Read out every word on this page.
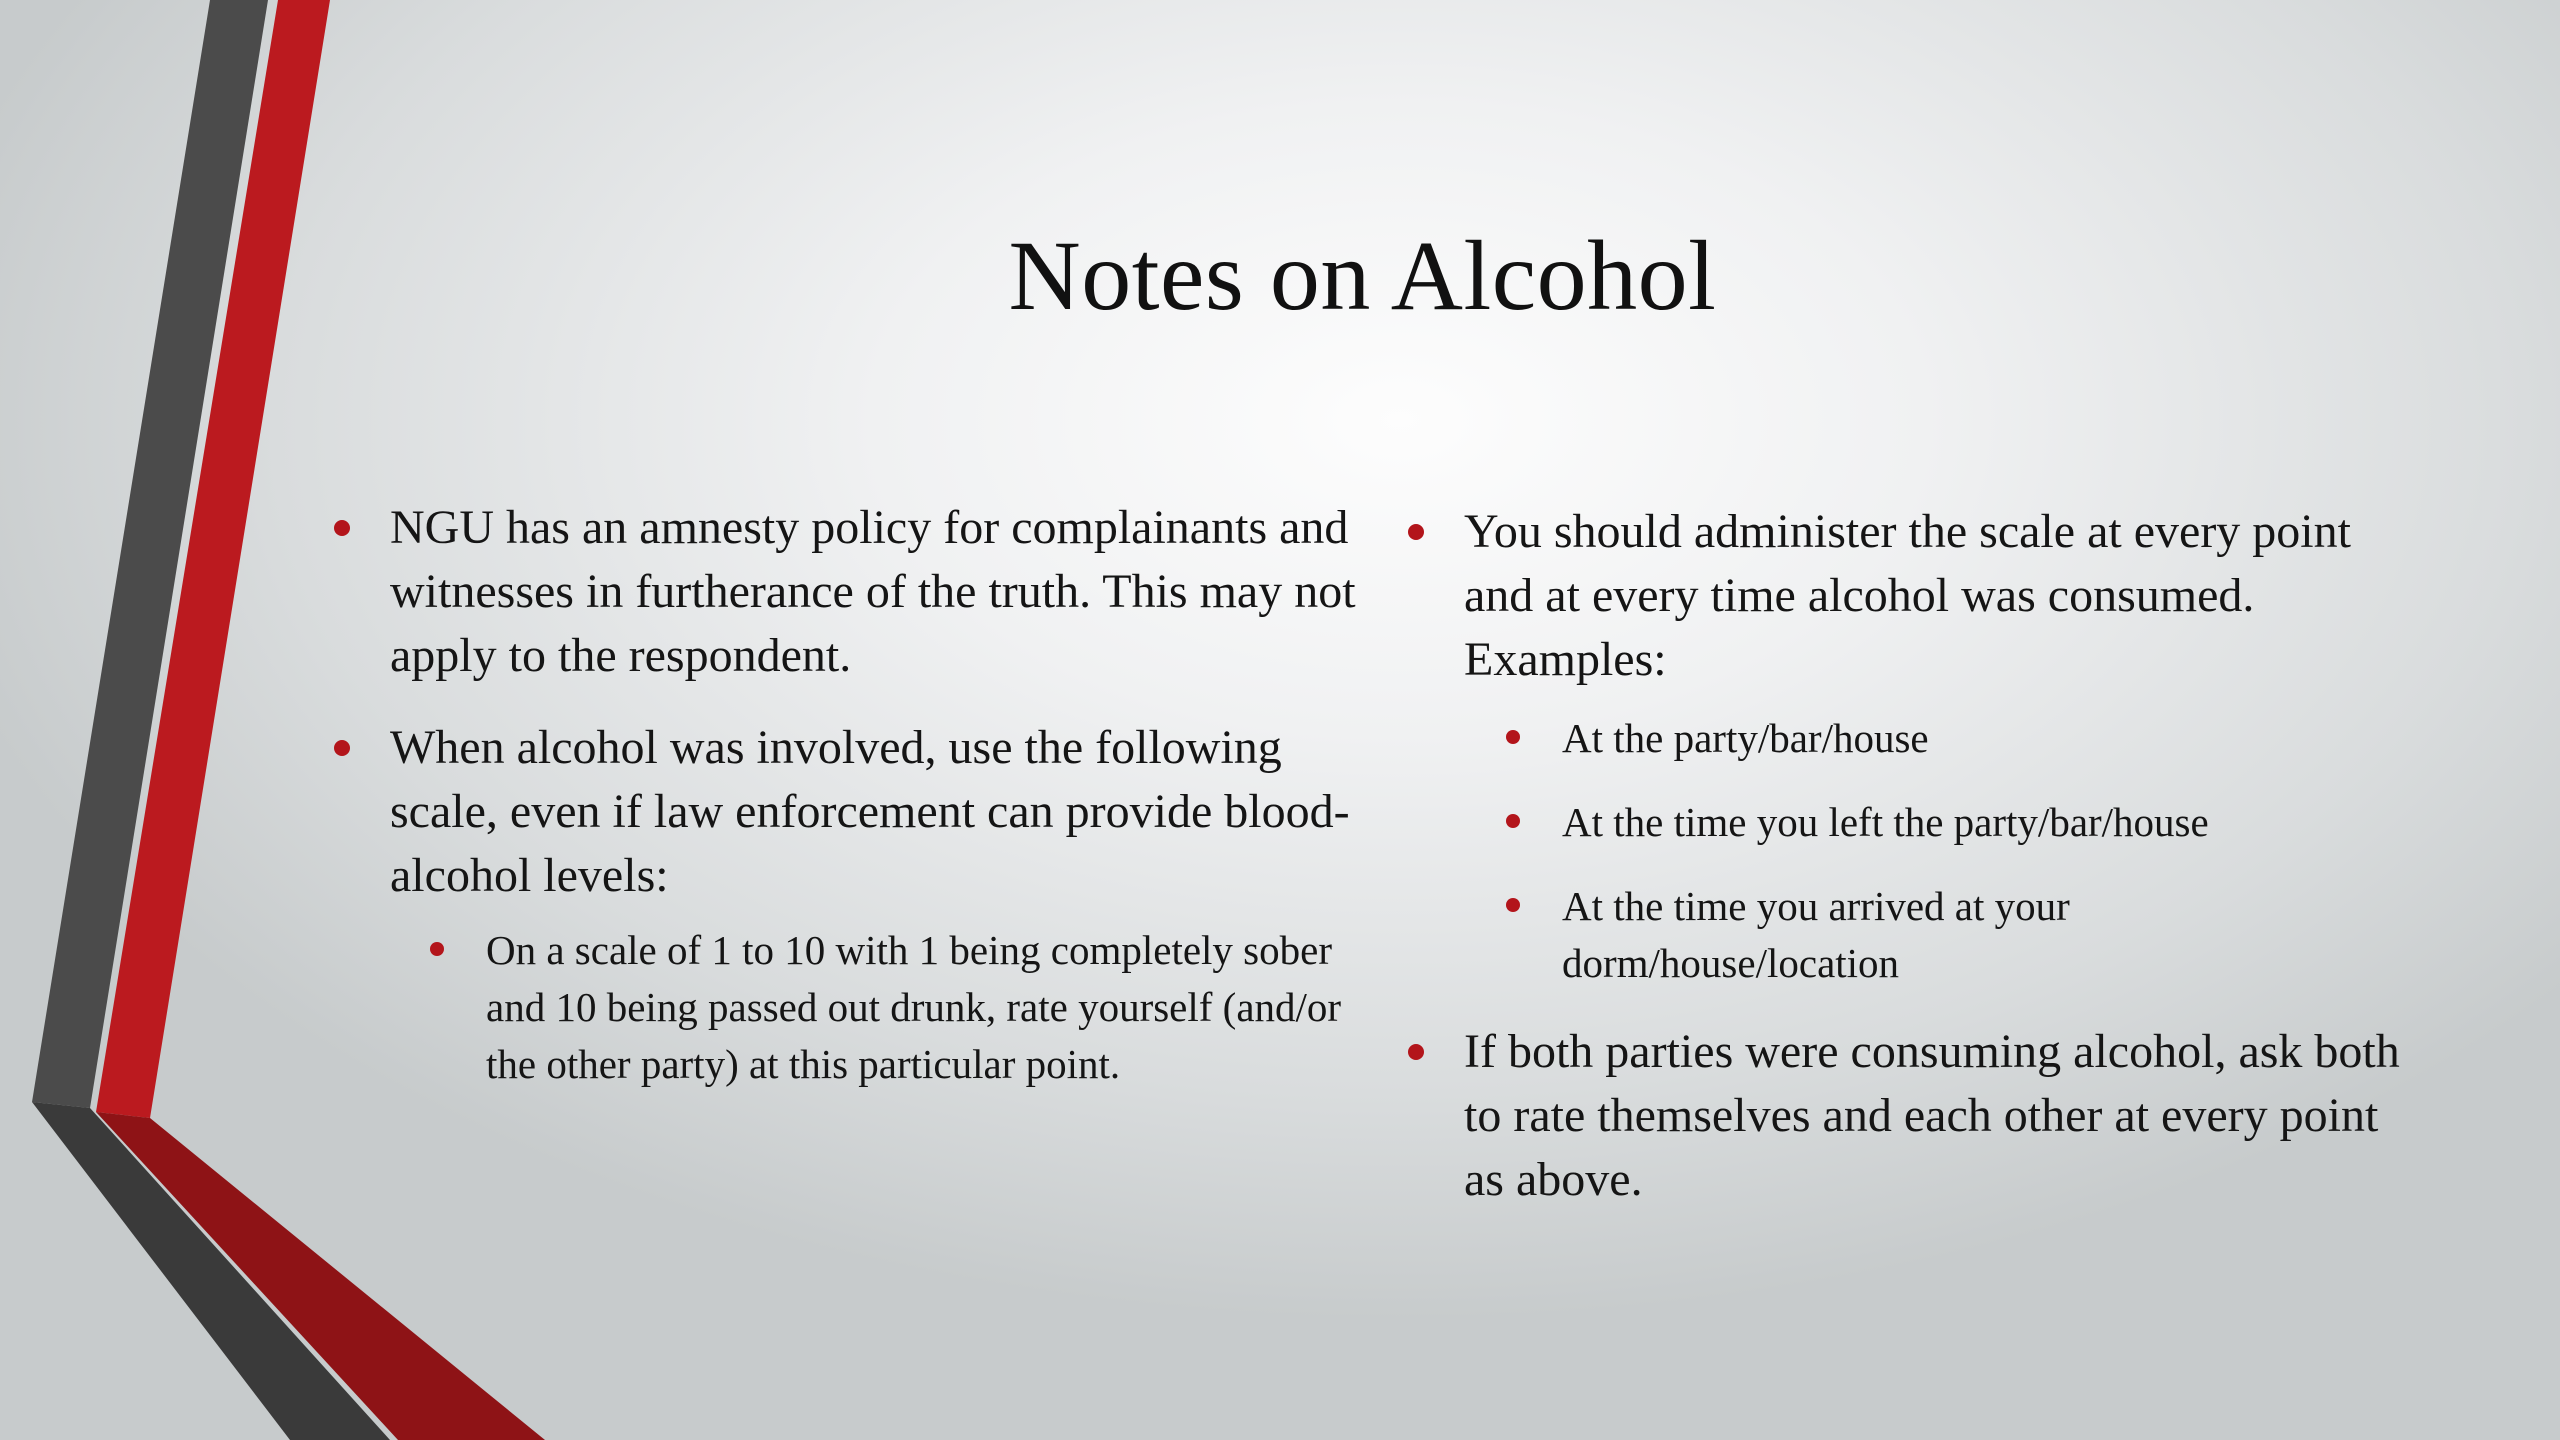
Notes on Alcohol
NGU has an amnesty policy for complainants and witnesses in furtherance of the truth. This may not apply to the respondent.
When alcohol was involved, use the following scale, even if law enforcement can provide blood-alcohol levels:
On a scale of 1 to 10 with 1 being completely sober and 10 being passed out drunk, rate yourself (and/or the other party) at this particular point.
You should administer the scale at every point and at every time alcohol was consumed. Examples:
At the party/bar/house
At the time you left the party/bar/house
At the time you arrived at your dorm/house/location
If both parties were consuming alcohol, ask both to rate themselves and each other at every point as above.
